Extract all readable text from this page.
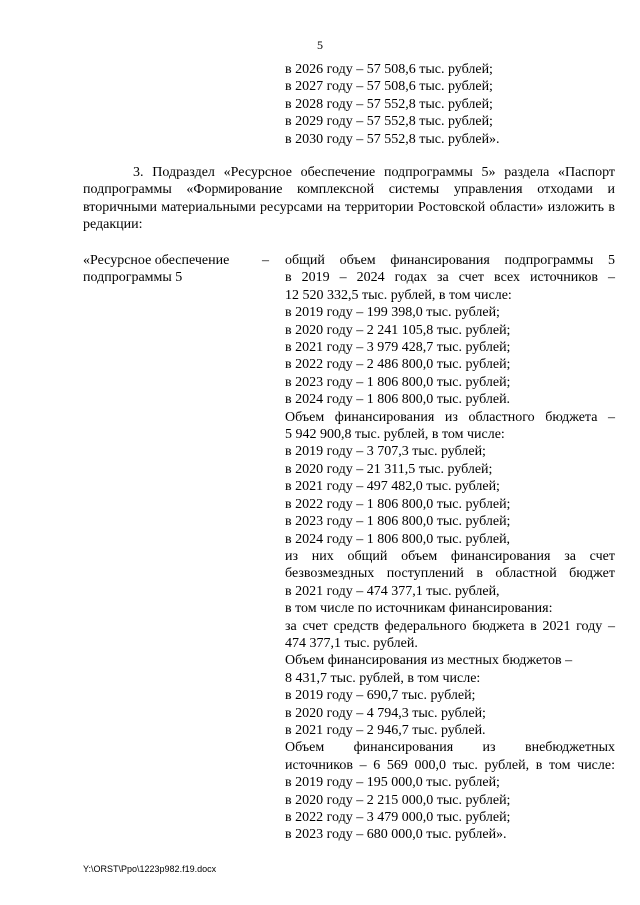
5
в 2026 году – 57 508,6 тыс. рублей;
в 2027 году – 57 508,6 тыс. рублей;
в 2028 году – 57 552,8 тыс. рублей;
в 2029 году – 57 552,8 тыс. рублей;
в 2030 году – 57 552,8 тыс. рублей».
3. Подраздел «Ресурсное обеспечение подпрограммы 5» раздела «Паспорт подпрограммы «Формирование комплексной системы управления отходами и вторичными материальными ресурсами на территории Ростовской области» изложить в редакции:
«Ресурсное обеспечение
подпрограммы 5
– общий объем финансирования подпрограммы 5
в 2019 – 2024 годах за счет всех источников –
12 520 332,5 тыс. рублей, в том числе:
в 2019 году – 199 398,0 тыс. рублей;
в 2020 году – 2 241 105,8 тыс. рублей;
в 2021 году – 3 979 428,7 тыс. рублей;
в 2022 году – 2 486 800,0 тыс. рублей;
в 2023 году – 1 806 800,0 тыс. рублей;
в 2024 году – 1 806 800,0 тыс. рублей.
Объем финансирования из областного бюджета –
5 942 900,8 тыс. рублей, в том числе:
в 2019 году – 3 707,3 тыс. рублей;
в 2020 году – 21 311,5 тыс. рублей;
в 2021 году – 497 482,0 тыс. рублей;
в 2022 году – 1 806 800,0 тыс. рублей;
в 2023 году – 1 806 800,0 тыс. рублей;
в 2024 году – 1 806 800,0 тыс. рублей,
из них общий объем финансирования за счет
безвозмездных поступлений в областной бюджет
в 2021 году – 474 377,1 тыс. рублей,
в том числе по источникам финансирования:
за счет средств федерального бюджета в 2021 году –
474 377,1 тыс. рублей.
Объем финансирования из местных бюджетов –
8 431,7 тыс. рублей, в том числе:
в 2019 году – 690,7 тыс. рублей;
в 2020 году – 4 794,3 тыс. рублей;
в 2021 году – 2 946,7 тыс. рублей.
Объем финансирования из внебюджетных
источников – 6 569 000,0 тыс. рублей, в том числе:
в 2019 году – 195 000,0 тыс. рублей;
в 2020 году – 2 215 000,0 тыс. рублей;
в 2022 году – 3 479 000,0 тыс. рублей;
в 2023 году – 680 000,0 тыс. рублей».
Y:\ORST\Ppo\1223p982.f19.docx
